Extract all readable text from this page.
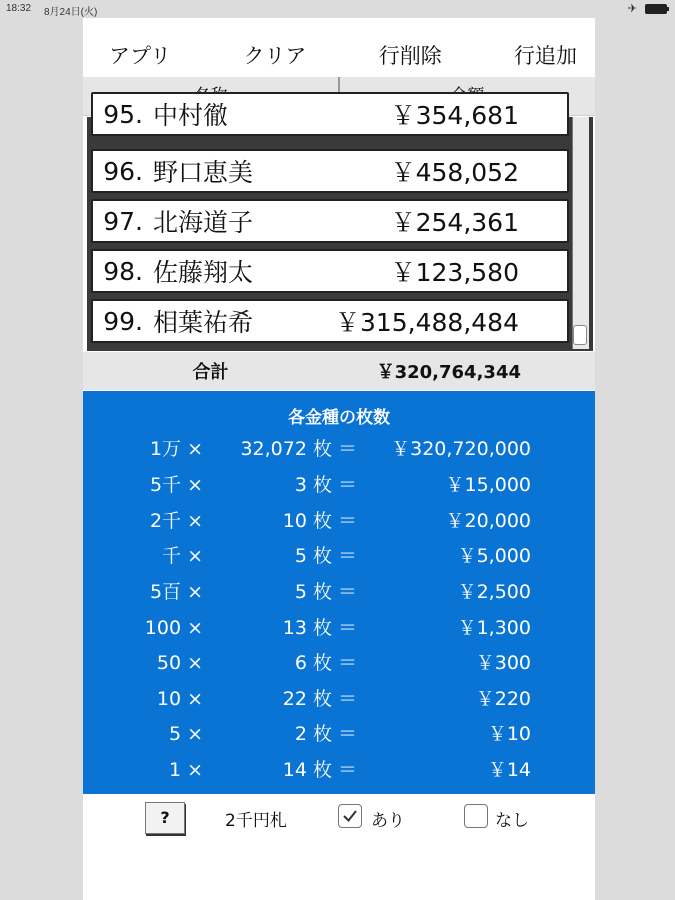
18:32 8月24日(火)	✈
アプリ	クリア	行削除	行追加
95. 中村徹	￥354,681
96. 野口恵美	￥458,052
97. 北海道子	￥254,361
98. 佐藤翔太	￥123,580
99. 相葉祐希	￥315,488,484
合計	￥320,764,344
各金種の枚数
1万 × 32,072 枚 ＝ ￥320,720,000
5千 ×	3 枚 ＝	￥15,000
2千 ×	10 枚 ＝	￥20,000
千 ×	5 枚 ＝	￥5,000
5百 ×	5 枚 ＝	￥2,500
100 ×	13 枚 ＝	￥1,300
50 ×	6 枚 ＝	￥300
10 ×	22 枚 ＝	￥220
5 ×	2 枚 ＝	￥10
1 ×	14 枚 ＝	￥14
?	2千円札	あり	なし
